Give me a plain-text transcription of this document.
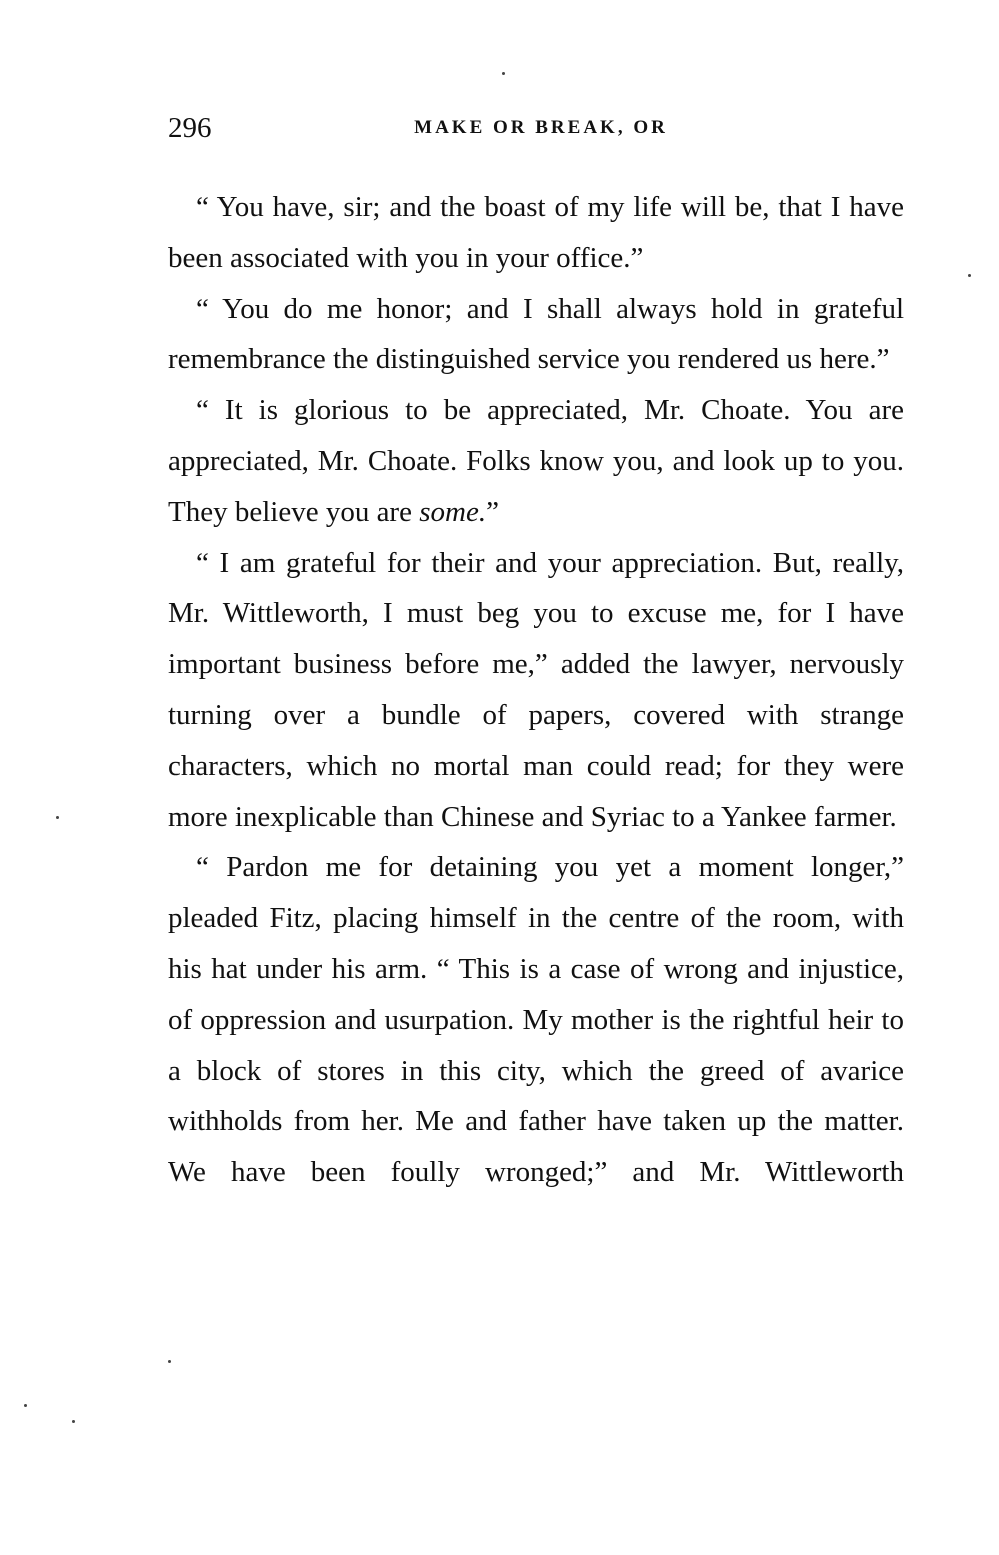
296	MAKE OR BREAK, OR

“ You have, sir; and the boast of my life will be, that I have been associated with you in your office.”

“ You do me honor; and I shall always hold in grateful remembrance the distinguished service you rendered us here.”

“ It is glorious to be appreciated, Mr. Choate. You are appreciated, Mr. Choate. Folks know you, and look up to you. They believe you are some.”

“ I am grateful for their and your appreciation. But, really, Mr. Wittleworth, I must beg you to excuse me, for I have important business before me,” added the lawyer, nervously turning over a bundle of papers, covered with strange characters, which no mortal man could read; for they were more inexplicable than Chinese and Syriac to a Yankee farmer.

“ Pardon me for detaining you yet a moment longer,” pleaded Fitz, placing himself in the centre of the room, with his hat under his arm. “ This is a case of wrong and injustice, of oppression and usurpation. My mother is the rightful heir to a block of stores in this city, which the greed of avarice withholds from her. Me and father have taken up the matter. We have been foully wronged;” and Mr. Wittleworth
